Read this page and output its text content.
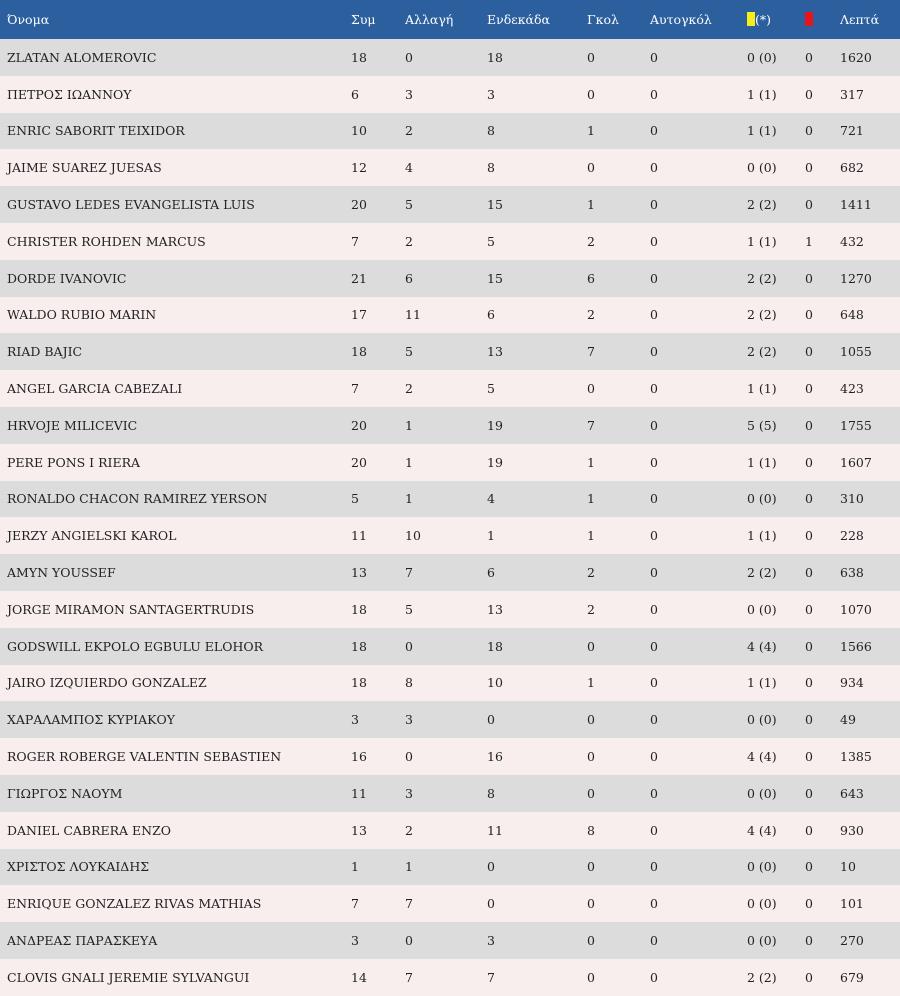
Όνομα	Συμ	Αλλαγή	Ενδεκάδα	Γκολ	Αυτογκόλ	(*)		Λεπτά
ZLATAN ALOMEROVIC	18	0	18	0	0	0 (0)	0	1620
ΠΕΤΡΟΣ ΙΩΑΝΝΟΥ	6	3	3	0	0	1 (1)	0	317
ENRIC SABORIT TEIXIDOR	10	2	8	1	0	1 (1)	0	721
JAIME SUAREZ JUESAS	12	4	8	0	0	0 (0)	0	682
GUSTAVO LEDES EVANGELISTA LUIS	20	5	15	1	0	2 (2)	0	1411
CHRISTER ROHDEN MARCUS	7	2	5	2	0	1 (1)	1	432
DORDE IVANOVIC	21	6	15	6	0	2 (2)	0	1270
WALDO RUBIO MARIN	17	11	6	2	0	2 (2)	0	648
RIAD BAJIC	18	5	13	7	0	2 (2)	0	1055
ANGEL GARCIA CABEZALI	7	2	5	0	0	1 (1)	0	423
HRVOJE MILICEVIC	20	1	19	7	0	5 (5)	0	1755
PERE PONS I RIERA	20	1	19	1	0	1 (1)	0	1607
RONALDO CHACON RAMIREZ YERSON	5	1	4	1	0	0 (0)	0	310
JERZY ANGIELSKI KAROL	11	10	1	1	0	1 (1)	0	228
AMYN YOUSSEF	13	7	6	2	0	2 (2)	0	638
JORGE MIRAMON SANTAGERTRUDIS	18	5	13	2	0	0 (0)	0	1070
GODSWILL EKPOLO EGBULU ELOHOR	18	0	18	0	0	4 (4)	0	1566
JAIRO IZQUIERDO GONZALEZ	18	8	10	1	0	1 (1)	0	934
ΧΑΡΑΛΑΜΠΟΣ ΚΥΡΙΑΚΟΥ	3	3	0	0	0	0 (0)	0	49
ROGER ROBERGE VALENTIN SEBASTIEN	16	0	16	0	0	4 (4)	0	1385
ΓΙΩΡΓΟΣ ΝΑΟΥΜ	11	3	8	0	0	0 (0)	0	643
DANIEL CABRERA ENZO	13	2	11	8	0	4 (4)	0	930
ΧΡΙΣΤΟΣ ΛΟΥΚΑΙΔΗΣ	1	1	0	0	0	0 (0)	0	10
ENRIQUE GONZALEZ RIVAS MATHIAS	7	7	0	0	0	0 (0)	0	101
ΑΝΔΡΕΑΣ ΠΑΡΑΣΚΕΥΑ	3	0	3	0	0	0 (0)	0	270
CLOVIS GNALI JEREMIE SYLVANGUI	14	7	7	0	0	2 (2)	0	679
